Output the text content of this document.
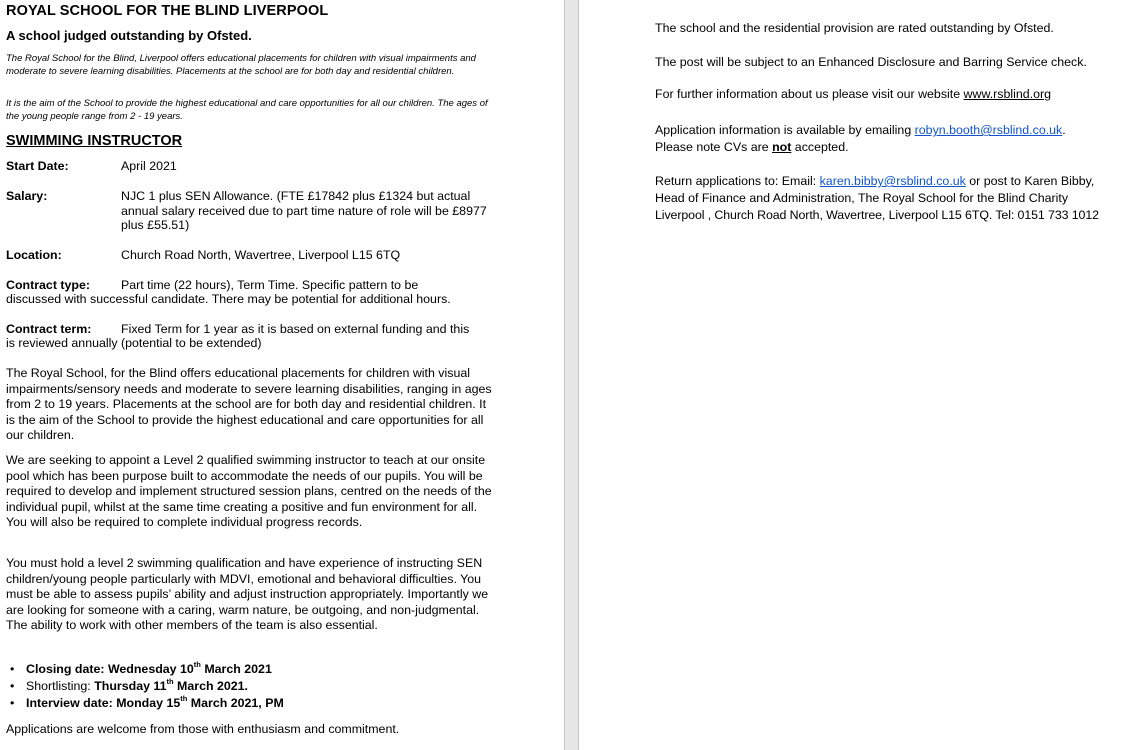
ROYAL SCHOOL FOR THE BLIND LIVERPOOL
A school judged outstanding by Ofsted.
The Royal School for the Blind, Liverpool offers educational placements for children with visual impairments and moderate to severe learning disabilities. Placements at the school are for both day and residential children.
It is the aim of the School to provide the highest educational and care opportunities for all our children. The ages of the young people range from 2 - 19 years.
SWIMMING INSTRUCTOR
Start Date:	April 2021
Salary:	NJC 1 plus SEN Allowance. (FTE £17842 plus £1324 but actual annual salary received due to part time nature of role will be £8977 plus £55.51)
Location:	Church Road North, Wavertree, Liverpool L15 6TQ
Contract type:	Part time (22 hours), Term Time. Specific pattern to be
discussed with successful candidate. There may be potential for additional hours.
Contract term: Fixed Term for 1 year as it is based on external funding and this
is reviewed annually (potential to be extended)
The Royal School, for the Blind offers educational placements for children with visual impairments/sensory needs and moderate to severe learning disabilities, ranging in ages from 2 to 19 years. Placements at the school are for both day and residential children. It is the aim of the School to provide the highest educational and care opportunities for all our children.
We are seeking to appoint a Level 2 qualified swimming instructor to teach at our onsite pool which has been purpose built to accommodate the needs of our pupils. You will be required to develop and implement structured session plans, centred on the needs of the individual pupil, whilst at the same time creating a positive and fun environment for all. You will also be required to complete individual progress records.
You must hold a level 2 swimming qualification and have experience of instructing SEN children/young people particularly with MDVI, emotional and behavioral difficulties. You must be able to assess pupils’ ability and adjust instruction appropriately. Importantly we are looking for someone with a caring, warm nature, be outgoing, and non-judgmental. The ability to work with other members of the team is also essential.
• Closing date: Wednesday 10th March 2021
• Shortlisting: Thursday 11th March 2021.
• Interview date: Monday 15th March 2021, PM
Applications are welcome from those with enthusiasm and commitment.
The school and the residential provision are rated outstanding by Ofsted.
The post will be subject to an Enhanced Disclosure and Barring Service check.
For further information about us please visit our website www.rsblind.org
Application information is available by emailing robyn.booth@rsblind.co.uk.
Please note CVs are not accepted.
Return applications to: Email: karen.bibby@rsblind.co.uk or post to Karen Bibby,
Head of Finance and Administration, The Royal School for the Blind Charity
Liverpool , Church Road North, Wavertree, Liverpool L15 6TQ. Tel: 0151 733 1012
